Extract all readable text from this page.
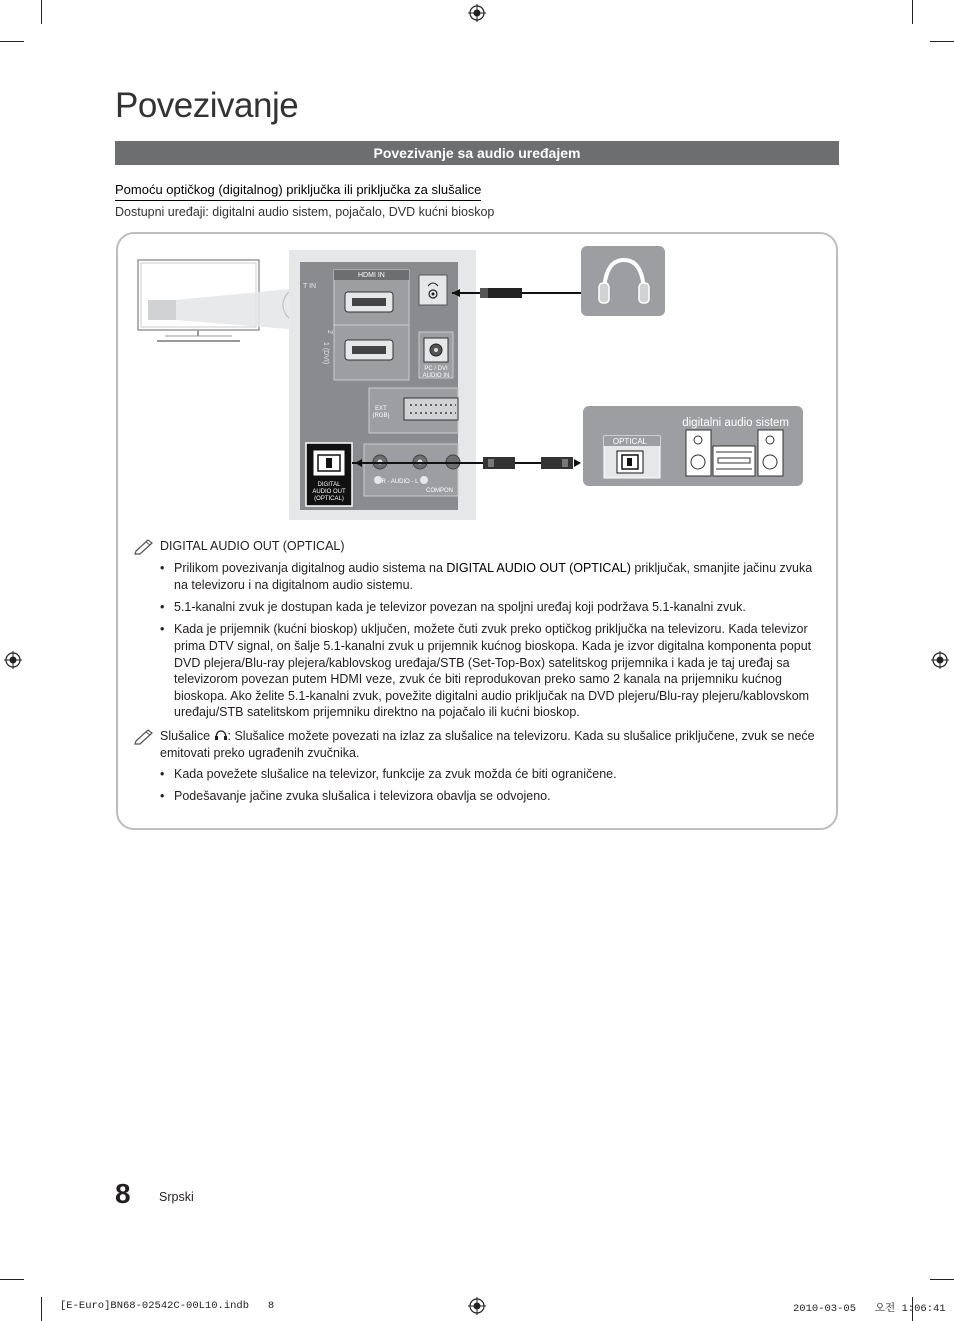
Povezivanje
Povezivanje sa audio uređajem
Pomoću optičkog (digitalnog) priključka ili priključka za slušalice
Dostupni uređaji: digitalni audio sistem, pojačalo, DVD kućni bioskop
HDMI IN
2
1 (DVI)
T IN
PC / DVI
AUDIO IN
EXT
(RGB)
DIGITAL
AUDIO OUT
(OPTICAL)
R - AUDIO - L
COMPON
OPTICAL
digitalni audio sistem
DIGITAL AUDIO OUT (OPTICAL)
• Prilikom povezivanja digitalnog audio sistema na DIGITAL AUDIO OUT (OPTICAL) priključak, smanjite jačinu zvuka na televizoru i na digitalnom audio sistemu.
• 5.1-kanalni zvuk je dostupan kada je televizor povezan na spoljni uređaj koji podržava 5.1-kanalni zvuk.
• Kada je prijemnik (kućni bioskop) uključen, možete čuti zvuk preko optičkog priključka na televizoru. Kada televizor prima DTV signal, on šalje 5.1-kanalni zvuk u prijemnik kućnog bioskopa. Kada je izvor digitalna komponenta poput DVD plejera/Blu-ray plejera/kablovskog uređaja/STB (Set-Top-Box) satelitskog prijemnika i kada je taj uređaj sa televizorom povezan putem HDMI veze, zvuk će biti reprodukovan preko samo 2 kanala na prijemniku kućnog bioskopa. Ako želite 5.1-kanalni zvuk, povežite digitalni audio priključak na DVD plejeru/Blu-ray plejeru/kablovskom uređaju/STB satelitskom prijemniku direktno na pojačalo ili kućni bioskop.
Slušalice : Slušalice možete povezati na izlaz za slušalice na televizoru. Kada su slušalice priključene, zvuk se neće emitovati preko ugrađenih zvučnika.
• Kada povežete slušalice na televizor, funkcije za zvuk možda će biti ograničene.
• Podešavanje jačine zvuka slušalica i televizora obavlja se odvojeno.
8 Srpski
[E-Euro]BN68-02542C-00L10.indb   8	2010-03-05   오전 1:06:41
